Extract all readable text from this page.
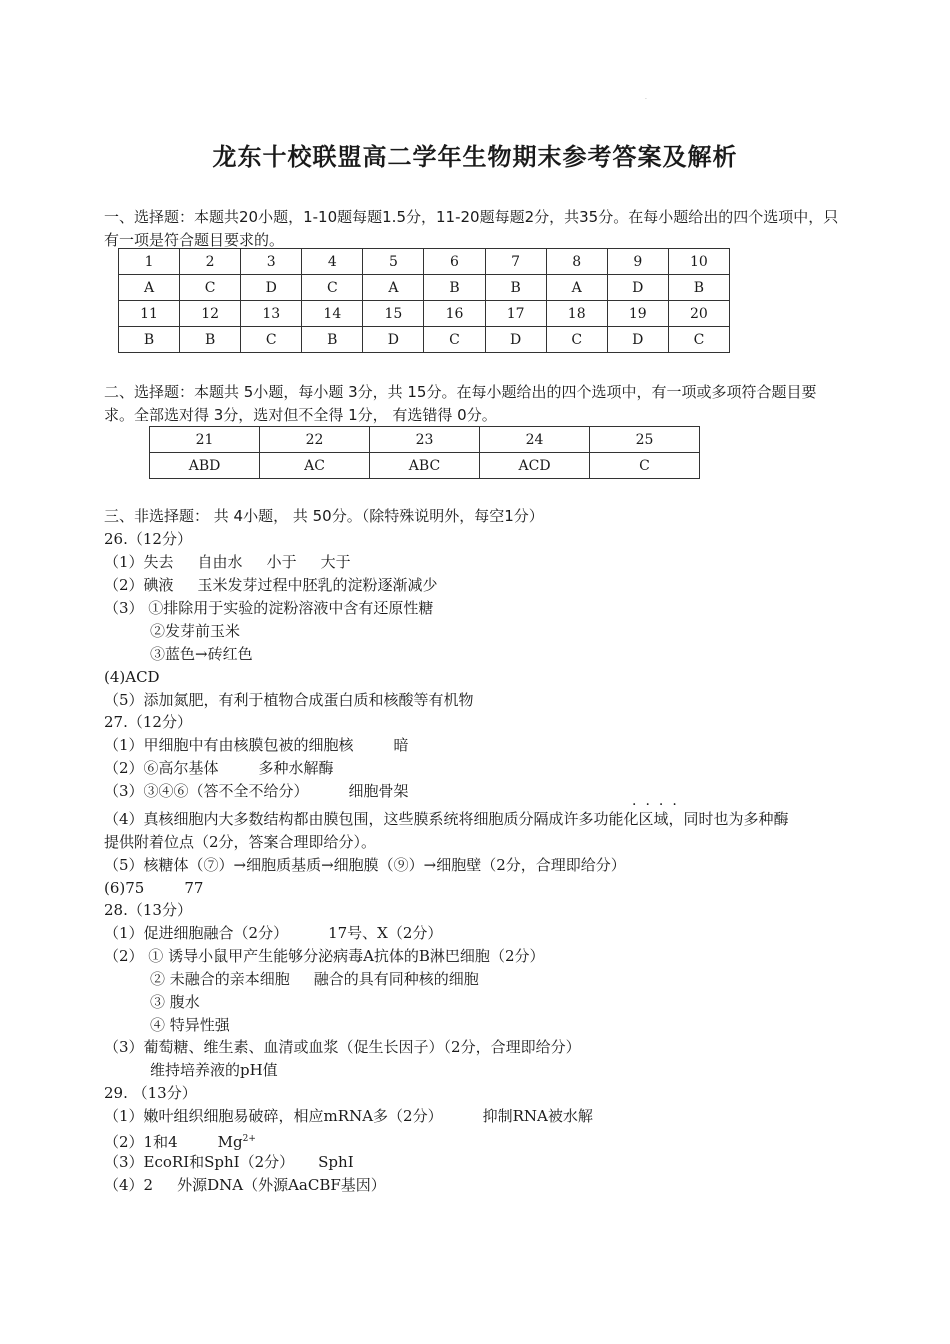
·
龙东十校联盟高二学年生物期末参考答案及解析
一、选择题：本题共20小题，1-10题每题1.5分，11-20题每题2分，共35分。在每小题给出的四个选项中，只有一项是符合题目要求的。
1	2	3	4	5	6	7	8	9	10
A	C	D	C	A	B	B	A	D	B
11	12	13	14	15	16	17	18	19	20
B	B	C	B	D	C	D	C	D	C
二、选择题：本题共 5小题，每小题 3分，共 15分。在每小题给出的四个选项中，有一项或多项符合题目要求。全部选对得 3分，选对但不全得 1分， 有选错得 0分。
21	22	23	24	25
ABD	AC	ABC	ACD	C
三、非选择题： 共 4小题， 共 50分。（除特殊说明外，每空1分）
26.（12分）
（1）失去 自由水 小于 大于
（2）碘液 玉米发芽过程中胚乳的淀粉逐渐减少
（3） ①排除用于实验的淀粉溶液中含有还原性糖
②发芽前玉米
③蓝色→砖红色
(4)ACD
（5）添加氮肥，有利于植物合成蛋白质和核酸等有机物
27.（12分）
（1）甲细胞中有由核膜包被的细胞核	暗
（2）⑥高尔基体	多种水解酶
（3）③④⑥（答不全不给分）	细胞骨架
····
（4）真核细胞内大多数结构都由膜包围，这些膜系统将细胞质分隔成许多功能化区域，同时也为多种酶
提供附着位点（2分，答案合理即给分）。
（5）核糖体（⑦）→细胞质基质→细胞膜（⑨）→细胞壁（2分，合理即给分）
(6)75	77
28.（13分）
（1）促进细胞融合（2分）	17号、X（2分）
（2） ① 诱导小鼠甲产生能够分泌病毒A抗体的B淋巴细胞（2分）
② 未融合的亲本细胞 融合的具有同种核的细胞
③ 腹水
④ 特异性强
（3）葡萄糖、维生素、血清或血浆（促生长因子）（2分，合理即给分）
维持培养液的pH值
29. （13分）
（1）嫩叶组织细胞易破碎，相应mRNA多（2分）	抑制RNA被水解
（2）1和4	$Mg^{2+}$
（3）EcoRⅠ和SphⅠ（2分） SphⅠ
（4）2 外源DNA（外源AaCBF基因）
